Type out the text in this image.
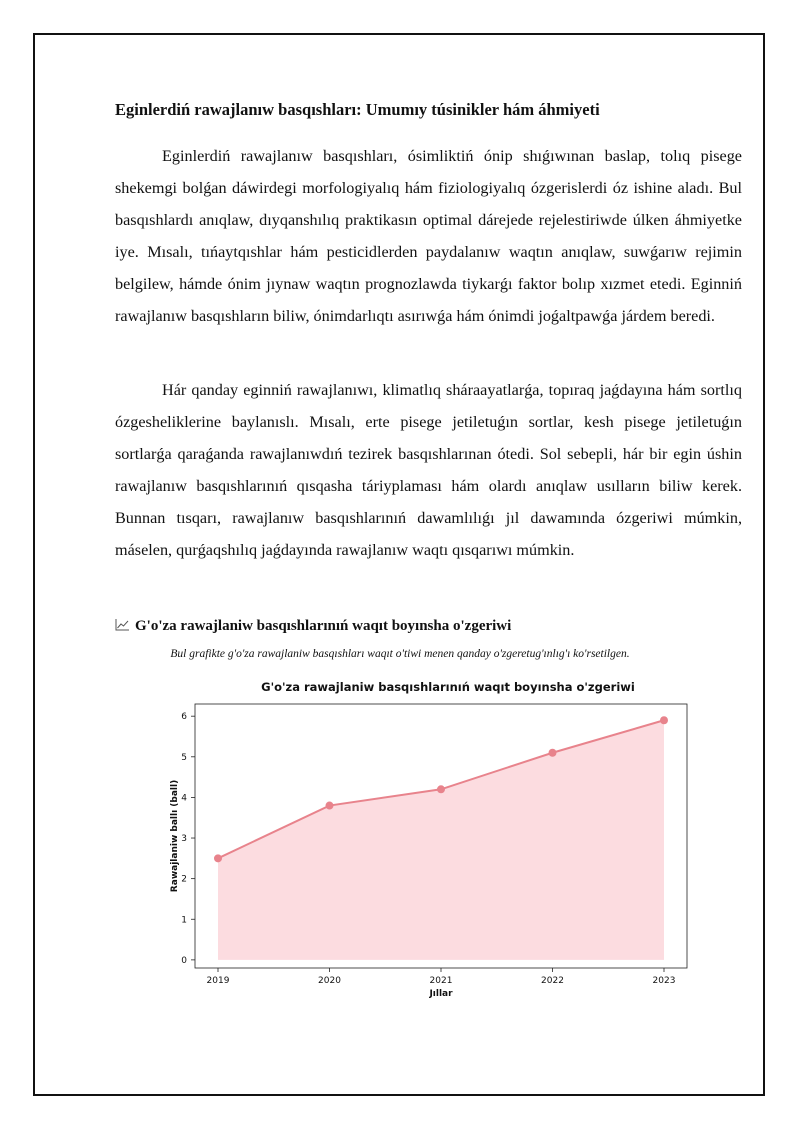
Eginlerdiń rawajlanıw basqıshları: Umumıy túsinikler hám áhmiyeti

Eginlerdiń rawajlanıw basqıshları, ósimliktiń ónip shıǵıwınan baslap, tolıq pisege shekemgi bolǵan dáwirdegi morfologiyalıq hám fiziologiyalıq ózgerislerdi óz ishine aladı. Bul basqıshlardı anıqlaw, dıyqanshılıq praktikasın optimal dárejede rejelestiriwde úlken áhmiyetke iye. Mısalı, tıńaytqıshlar hám pesticidlerden paydalanıw waqtın anıqlaw, suwǵarıw rejimin belgilew, hámde ónim jıynaw waqtın prognozlawda tiykarǵı faktor bolıp xızmet etedi. Eginniń rawajlanıw basqıshların biliw, ónimdarlıqtı asırıwǵa hám ónimdi joǵaltpawǵa járdem beredi.

Hár qanday eginniń rawajlanıwı, klimatlıq sháraayatlarǵa, topıraq jaǵdayına hám sortlıq ózgesheliklerine baylanıslı. Mısalı, erte pisege jetiletuǵın sortlar, kesh pisege jetiletuǵın sortlarǵa qaraǵanda rawajlanıwdıń tezirek basqıshlarınan ótedi. Sol sebepli, hár bir egin úshin rawajlanıw basqıshlarınıń qısqasha táriyplaması hám olardı anıqlaw usılların biliw kerek. Bunnan tısqarı, rawajlanıw basqıshlarınıń dawamlılıǵı jıl dawamında ózgeriwi múmkin, máselen, qurǵaqshılıq jaǵdayında rawajlanıw waqtı qısqarıwı múmkin.

G'o'za rawajlaniw basqıshlarınıń waqıt boyınsha o'zgeriwi
Bul grafikte g'o'za rawajlaniw basqıshları waqıt o'tiwi menen qanday o'zgeretug'ınlıg'ı ko'rsetilgen.
G'o'za rawajlaniw basqıshlarınıń waqıt boyınsha o'zgeriwi
0
1
2
3
4
5
6
2019	2020	2021	2022	2023
Jıllar
Rawajlaniw ballı (ball)
